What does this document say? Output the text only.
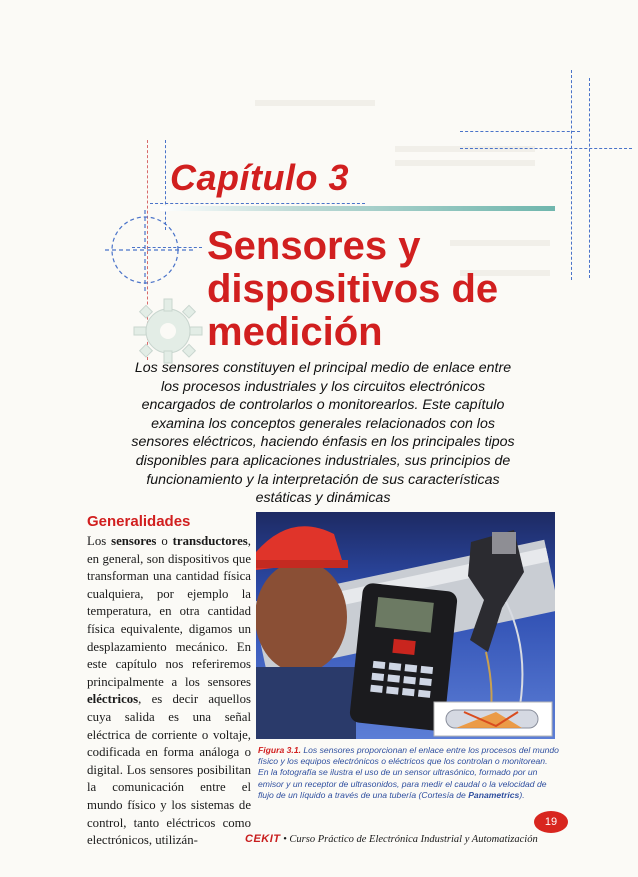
Capítulo 3
Sensores y
dispositivos de
medición
Los sensores constituyen el principal medio de enlace entre
los procesos industriales y los circuitos electrónicos
encargados de controlarlos o monitorearlos. Este capítulo
examina los conceptos generales relacionados con los
sensores eléctricos, haciendo énfasis en los principales tipos
disponibles para aplicaciones industriales, sus principios de
funcionamiento y la interpretación de sus características
estáticas y dinámicas
Generalidades
Los sensores o transductores, en general, son dispositivos que transforman una cantidad física cualquiera, por ejemplo la temperatura, en otra cantidad física equivalente, digamos un desplazamiento mecánico. En este capítulo nos referiremos principalmente a los sensores eléctricos, es decir aquellos cuya salida es una señal eléctrica de corriente o voltaje, codificada en forma análoga o digital. Los sensores posibilitan la comunicación entre el mundo físico y los sistemas de control, tanto eléctricos como electrónicos, utilizán-
Figura 3.1. Los sensores proporcionan el enlace entre los procesos del mundo físico y los equipos electrónicos o eléctricos que los controlan o monitorean. En la fotografía se ilustra el uso de un sensor ultrasónico, formado por un emisor y un receptor de ultrasonidos, para medir el caudal o la velocidad de flujo de un líquido a través de una tubería (Cortesía de Panametrics).
CEKIT • Curso Práctico de Electrónica Industrial y Automatización
19
